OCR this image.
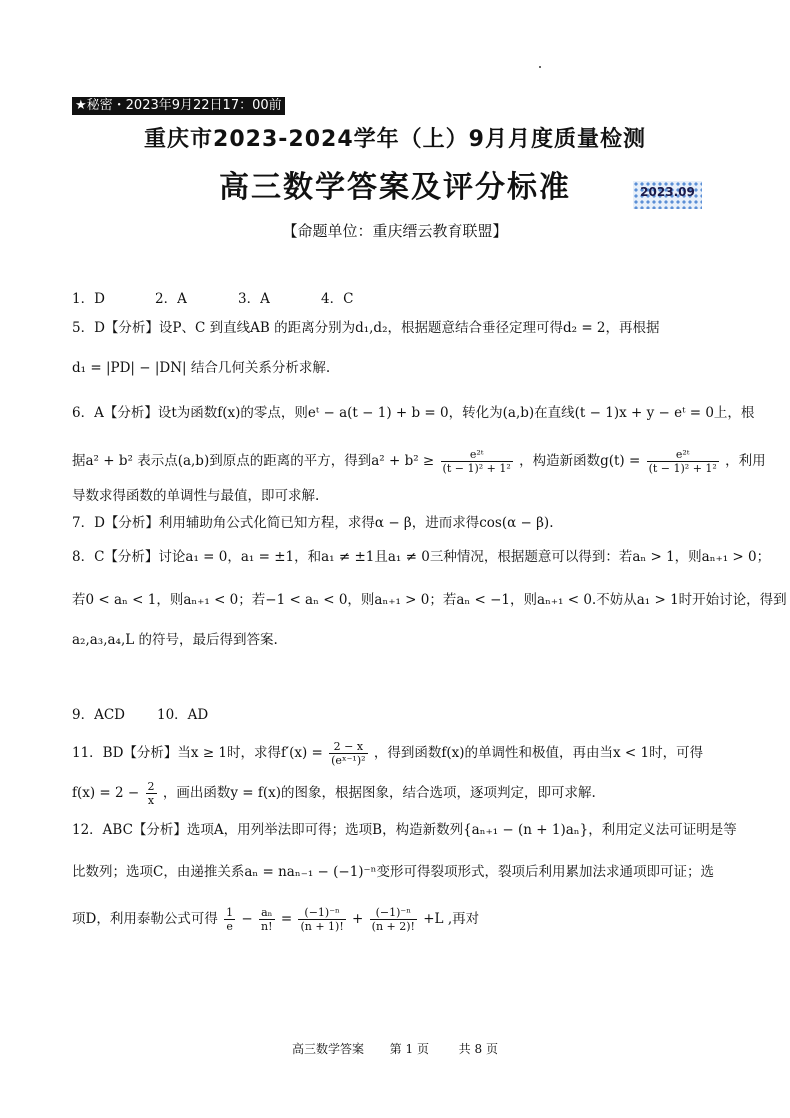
★秘密・2023年9月22日17：00前
重庆市2023-2024学年（上）9月月度质量检测
高三数学答案及评分标准	2023.09
【命题单位：重庆缙云教育联盟】
1．D	2．A	3．A	4．C
5．D【分析】设P、C 到直线AB 的距离分别为d₁,d₂，根据题意结合垂径定理可得d₂ = 2，再根据
d₁ = |PD| − |DN| 结合几何关系分析求解.
6．A【分析】设t为函数f(x)的零点，则eᵗ − a(t − 1) + b = 0，转化为(a,b)在直线(t − 1)x + y − eᵗ = 0上，根
据a² + b² 表示点(a,b)到原点的距离的平方，得到$a^2 + b^2 \ge \frac{\text{e²ᵗ}}{\text{(t − 1)² + 1²}}$ ，构造新函数$g(t) = \frac{\text{e²ᵗ}}{\text{(t − 1)² + 1²}}$ ，利用
导数求得函数的单调性与最值，即可求解.
7．D【分析】利用辅助角公式化简已知方程，求得α − β，进而求得cos(α − β).
8．C【分析】讨论a₁ = 0，a₁ = ±1，和a₁ ≠ ±1且a₁ ≠ 0三种情况，根据题意可以得到：若aₙ > 1，则aₙ₊₁ > 0；
若0 < aₙ < 1，则aₙ₊₁ < 0；若−1 < aₙ < 0，则aₙ₊₁ > 0；若aₙ < −1，则aₙ₊₁ < 0.不妨从a₁ > 1时开始讨论，得到
a₂,a₃,a₄,L 的符号，最后得到答案.
9．ACD 10．AD
11．BD【分析】当x ≥ 1时，求得$f'(x) = \frac{2 - x}{\text{(eˣ⁻¹)²}}$ ，得到函数f(x)的单调性和极值，再由当x < 1时，可得
$f(x) = 2 - \frac{2}{x}$ ，画出函数y = f(x)的图象，根据图象，结合选项，逐项判定，即可求解.
12．ABC【分析】选项A，用列举法即可得；选项B，构造新数列{aₙ₊₁ − (n + 1)aₙ}，利用定义法可证明是等
比数列；选项C，由递推关系aₙ = naₙ₋₁ − (−1)⁻ⁿ变形可得裂项形式，裂项后利用累加法求通项即可证；选
项D，利用泰勒公式可得 $\frac{1}{e} - \frac{\text{aₙ}}{n!} = \frac{\text{(−1)⁻ⁿ}}{(n + 1)!} + \frac{\text{(−1)⁻ⁿ}}{(n + 2)!} +L$ ,再对
高三数学答案 第 1 页 共 8 页
